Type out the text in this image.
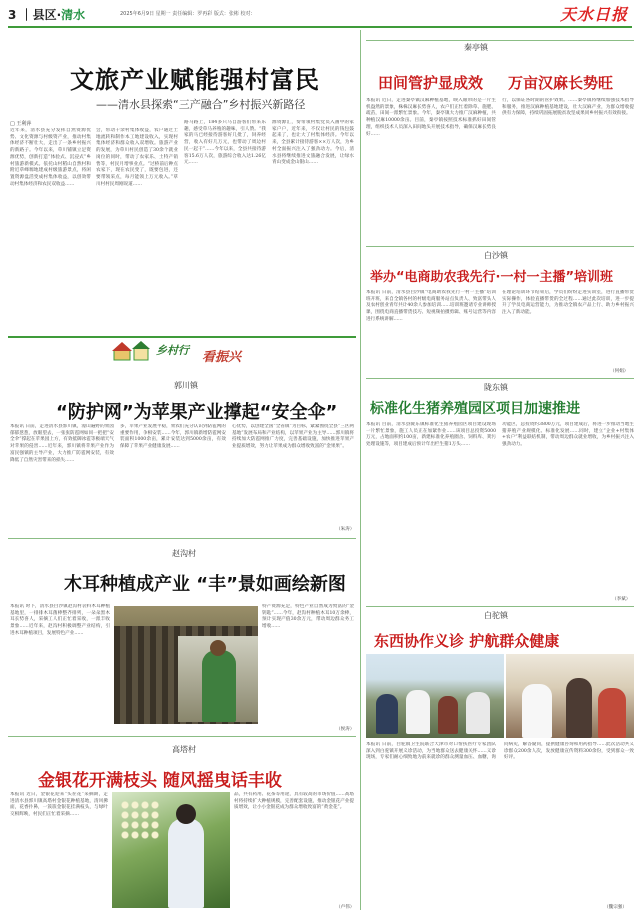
3 ｜县区·清水	2025年6月9日 星期一 责任编辑：罗再彩 版式：张彬 校对：	天水日报
文旅产业赋能强村富民
——清水县探索“三产融合”乡村振兴新路径
□ 王利萍
近年来，清水县充分发挥自然资源优势、文化资源与村级资产业，推动村集体经济不断壮大，走出了一条乡村振兴的新路子。今年以来，草川铺镇立足资源优势，创新打造“体验式、沉浸式”乡村旅游新模式。依托山村稻山自然村和附近草峰塬地建成村级旅游景点，将闲置资源盘活变成村集体收益，以创效带动村集体经济和农民双收益……
会，带动千余村集体收益，农户通过土地流转和制作本工地建设收入，实现村集体经济和群众收入双增收。旅游产业的发展，为草川村民创造了30余个就业岗位的同时，带动了农家乐、土特产销售等，村民月增事业点。“过桥前后种点农家下，现在农民变了，既要包进，还要带领采点，每月能领上万元收入。”草川村村民周刚说道……
路马路上，184多只马自游客们带来乐趣，感受草马养殖的趣味，引人赞。“我家的马已经接待游客好几批了，饲养经营，收入有好几万元，也带动了周边村民一起干”……今年以来，全县共接待游客15.6万人次，旅游综合收入达1.26亿元……
源资源汇，奏带领村集党员入画中的家家户户，近年来，不仅让村民的钱包鼓起来了，也让大了村集体经济。今年以来，全县累计接待游客××万人次，为乡村全面振兴注入了强劲动力。今后，清水县将继续推进文旅融合发展，让绿水青山变成金山银山……
秦亭镇
田间管护显成效 万亩汉麻长势旺
本报讯 近日，走进秦亭镇汉麻种植基地，映入眼帘的是一片生机盎然的景象，株株汉麻长势喜人，农户们正忙着除草、施肥、疏苗，田间一派繁忙景象。今年，秦亭镇大力推广汉麻种植，共种植汉麻10000余亩。目前，秦亭镇按照技术标准抓好田间管理，组织技术人员深入田间地头开展技术指导，确保汉麻长势良好……
行，以保证各时期的管护效果。……秦亭镇将继续加强技术指导和服务，推进汉麻种植基地建设，壮大汉麻产业，为群众增收提供有力保障，持续巩固拓展脱贫攻坚成果同乡村振兴有效衔接。
白沙镇
举办“电商助农我先行·一村一主播”培训班
本报讯 日前，清水县白沙镇“电商助农我先行一村一主播”培训班开班，来自全镇各村的村级电商服务站点负责人、致富带头人及农村创业青年共计40余人参加培训……培训班邀请专业讲师授课，围绕电商直播带货技巧、短视频拍摄剪辑、账号运营等内容进行系统讲解……
在理论培训环节结束后，学员们纷纷走进实训室，进行直播带货实际操作，体验直播带货的全过程……通过此次培训，进一步提升了学员电商运营能力，为推动全镇农产品上行、助力乡村振兴注入了新动能。
（何娟）
陇东镇
标准化生猪养殖园区项目加速推进
本报讯 目前，清水县陇东镇标准化生猪养殖园区项目建设现场一片繁忙景象，施工人员正在加紧作业……该项目总投资5000万元，占地面积约100亩，新建标准化养殖圈舍、饲料库、粪污处理设施等，项目建成后预计年出栏生猪1万头……
功能区，总投资约3800万元，项目建成后，将进一步推动当地生猪养殖产业规模化、标准化发展……同时，建立“企业+村集体+农户”利益联结机制，带动周边群众就业增收，为乡村振兴注入强劲动力。
（李斌）
白驼镇
东西协作义诊 护航群众健康
本报讯 日前，白驼镇卫生院联合天津市对口帮扶医疗专家团队深入到白驼镇开展义诊活动，为当地群众送去健康关怀……义诊现场，专家们耐心细致地为前来就诊的群众测量血压、血糖，询问病史，解答疑问，提供健康咨询和用药指导……此次活动共义诊群众200余人次，发放健康宣传资料300余份，受到群众一致好评。
（魏宗强）
乡村行 看振兴
郭川镇
“防护网”为苹果产业撑起“安全伞”
本报讯 日前，走进清水县郭川镇，漫山遍野的果园郁郁葱葱，放眼望去，一张张防雹网如同一把把“安全伞”撑起在苹果园上方，有效抵御冰雹等极端天气对苹果的侵害……近年来，郭川镇将苹果产业作为富民强镇的主导产业，大力推广防雹网安装，有效降低了自然灾害带来的损失……
多，苹果产业发展平稳，果农们充分认识到防雹网的重要作用，争相安装……今年，郭川镇新增防雹网安装面积1000余亩，累计安装达到5000余亩，有效保障了苹果产业健康发展……
心优势，以创建全国“全省镇”为目标，紧紧围绕全县“三区两基地”发展布局和产业结构，以苹果产业为主导……郭川镇将持续加大防雹网推广力度，完善基础设施，加快推进苹果产业提质增效，努力让苹果成为群众增收致富的“金果果”。
（朱涛）
赵沟村
木耳种植成产业 “丰”景如画绘新图
本报讯 时下，清水县白沙镇赵沟村袋料木耳种植基地里，一排排木耳菌棒整齐排列，一朵朵黑木耳长势喜人，采摘工人们正忙着采收，一派丰收景象……近年来，赵沟村积极调整产业结构，引进木耳种植项目，发展特色产业……
特产资源充足，特色产业自然成为致富的“金钥匙”……今年，赵沟村种植木耳10万余棒，预计实现产值30余万元，带动周边群众务工增收……
（侯涛）
高塔村
金银花开满枝头 随风摇曳话丰收
本报讯 近日，金银花迎来“头茬花”采摘期，走进清水县郭川镇高塔村金银花种植基地，清风拂面，花香扑鼻，一簇簇金银花挂满枝头，与绿叶交相辉映，村民们正忙着采摘……
品，共有药用、花茶等用途，具有较高的市场价值……高塔村将持续扩大种植规模，完善配套设施，推动金银花产业提质增效，让小小金银花成为群众增收致富的“黄金花”。
（卢伟）
